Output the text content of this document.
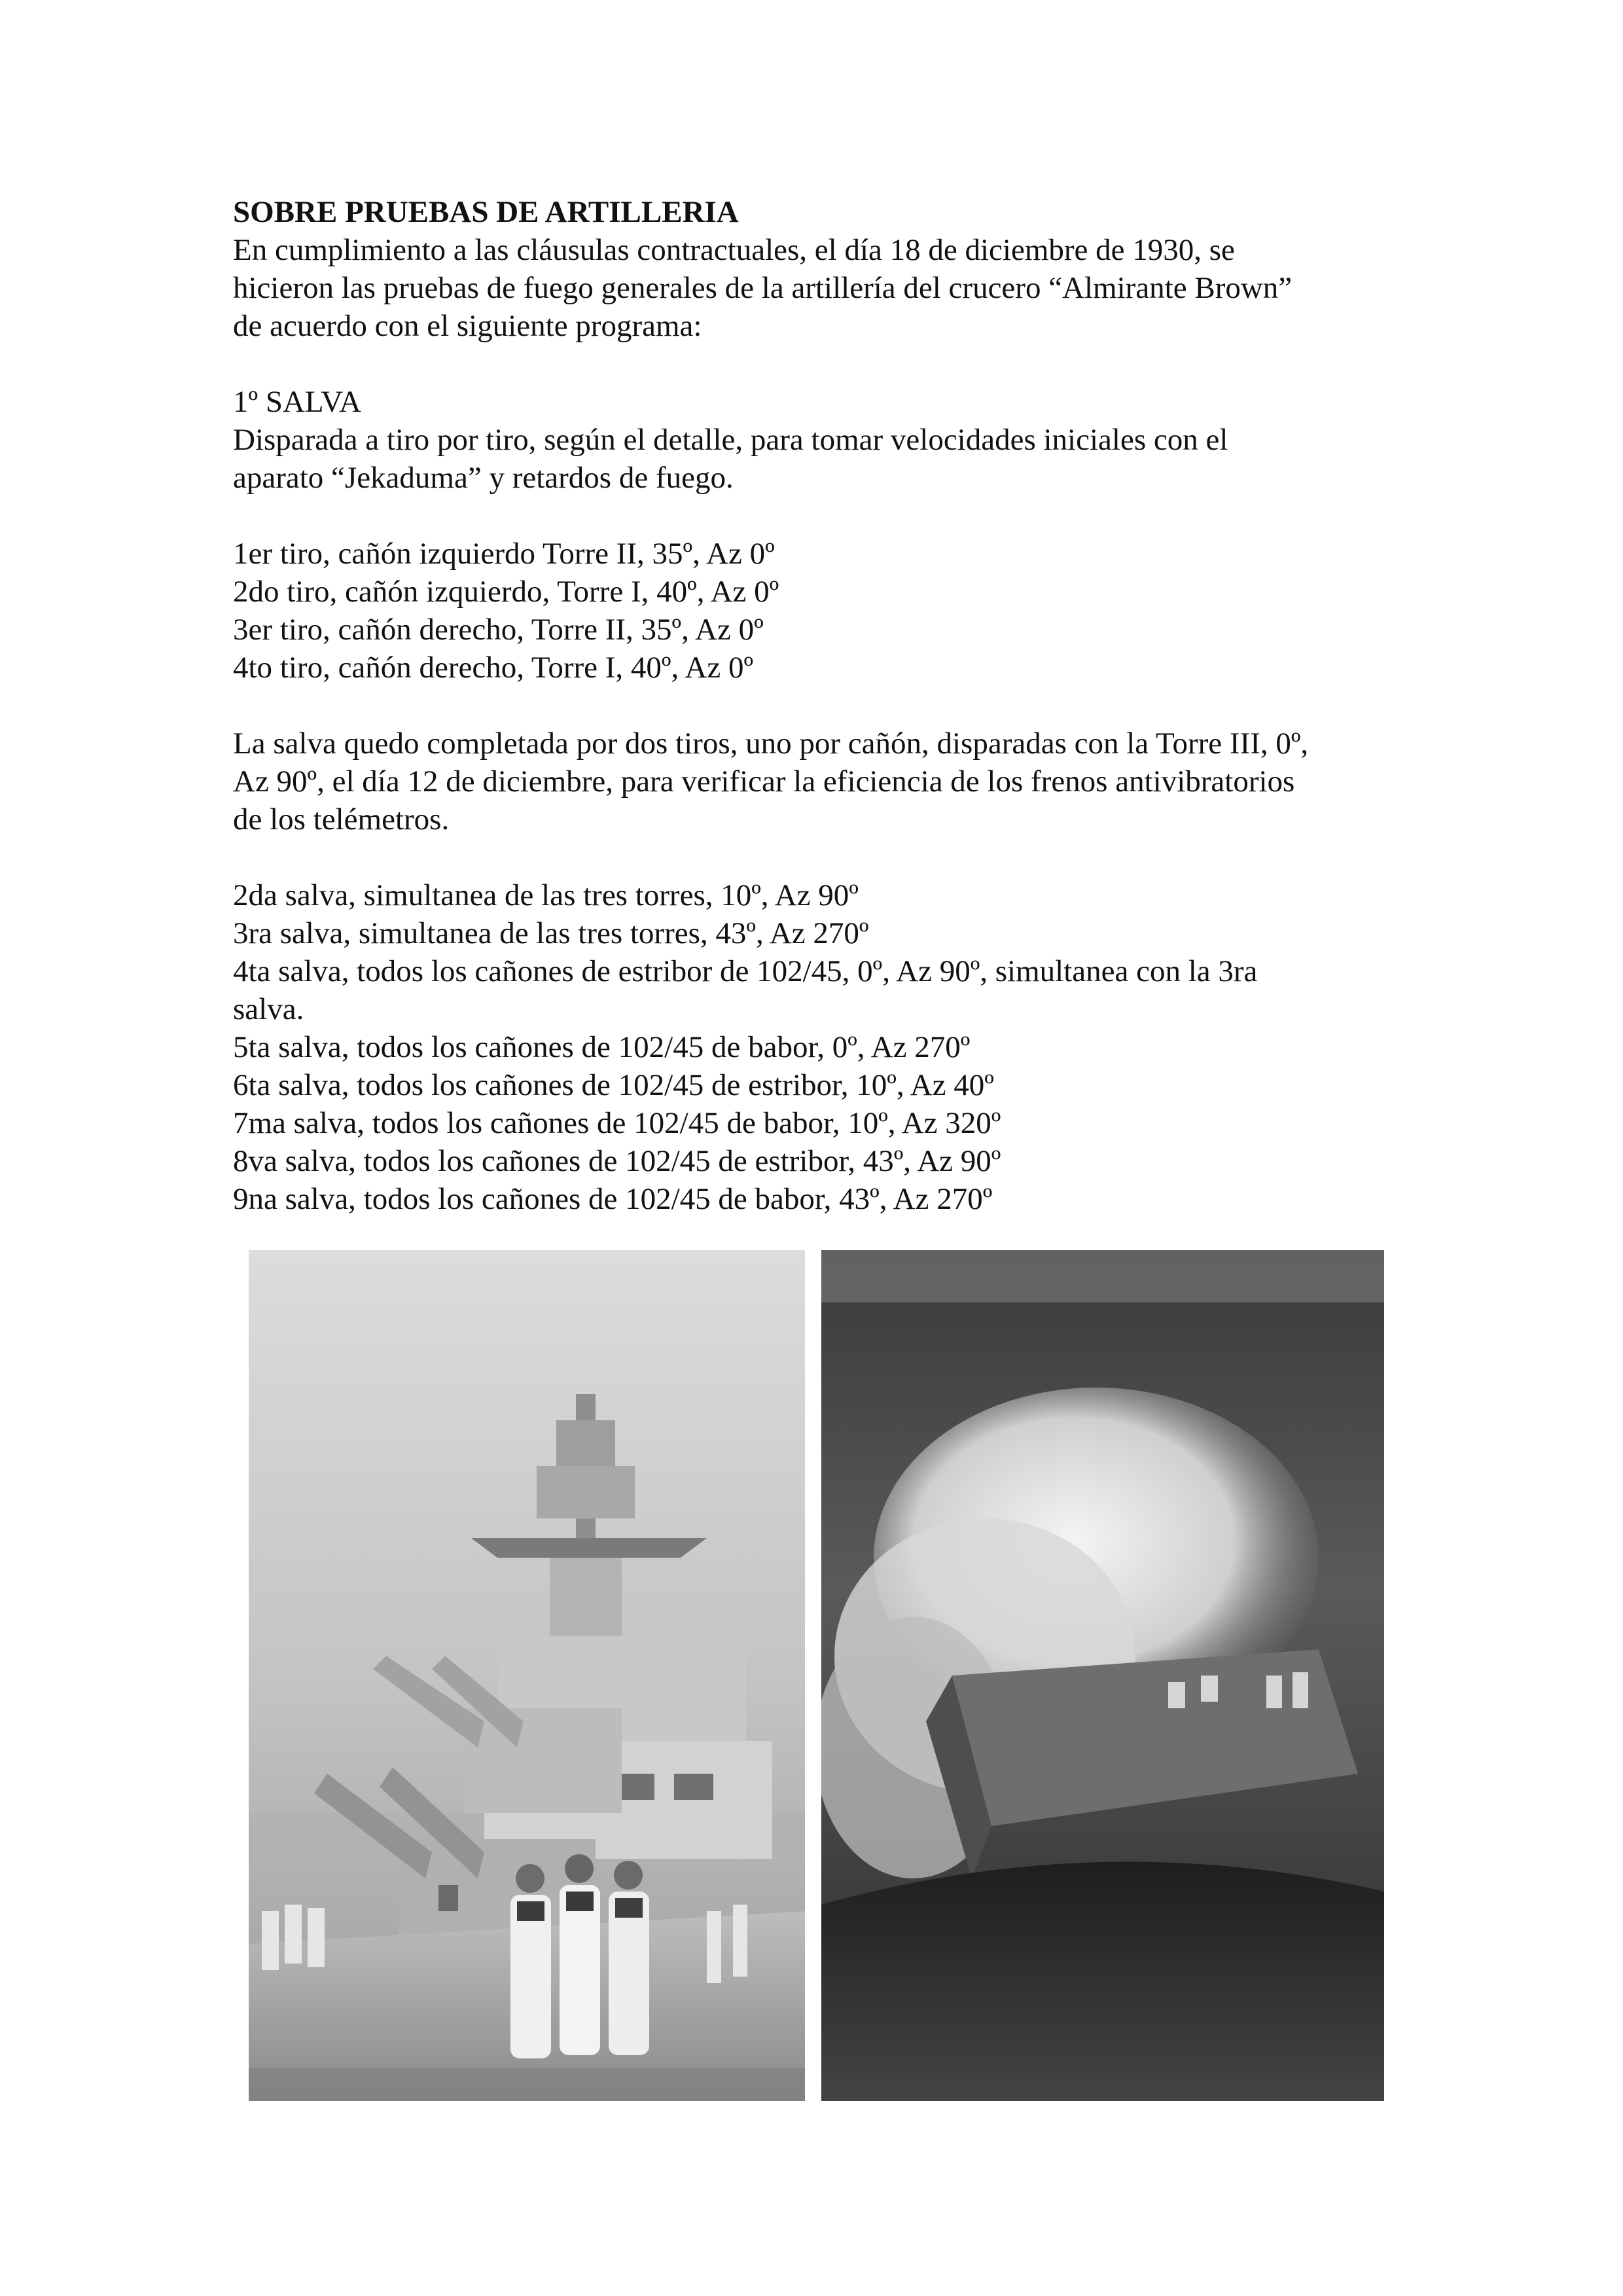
SOBRE PRUEBAS DE ARTILLERIA

En cumplimiento a las cláusulas contractuales, el día 18 de diciembre de 1930, se

hicieron las pruebas de fuego generales de la artillería del crucero “Almirante Brown”

de acuerdo con el siguiente programa:

1º SALVA

Disparada a tiro por tiro, según el detalle, para tomar velocidades iniciales con el

aparato “Jekaduma” y retardos de fuego.

1er tiro, cañón izquierdo Torre II, 35º, Az 0º

2do tiro, cañón izquierdo, Torre I, 40º, Az 0º

3er tiro, cañón derecho, Torre II, 35º, Az 0º

4to tiro, cañón derecho, Torre I, 40º, Az 0º

La salva quedo completada por dos tiros, uno por cañón, disparadas con la Torre III, 0º,

Az 90º, el día 12 de diciembre, para verificar la eficiencia de los frenos antivibratorios

de los telémetros.

2da salva, simultanea de las tres torres, 10º, Az 90º

3ra salva, simultanea de las tres torres, 43º, Az 270º

4ta salva, todos los cañones de estribor de 102/45, 0º, Az 90º, simultanea con la 3ra

salva.

5ta salva, todos los cañones de 102/45 de babor, 0º, Az 270º

6ta salva, todos los cañones de 102/45 de estribor, 10º, Az 40º

7ma salva, todos los cañones de 102/45 de babor, 10º, Az 320º

8va salva, todos los cañones de 102/45 de estribor, 43º, Az 90º

9na salva, todos los cañones de 102/45 de babor, 43º, Az 270º
